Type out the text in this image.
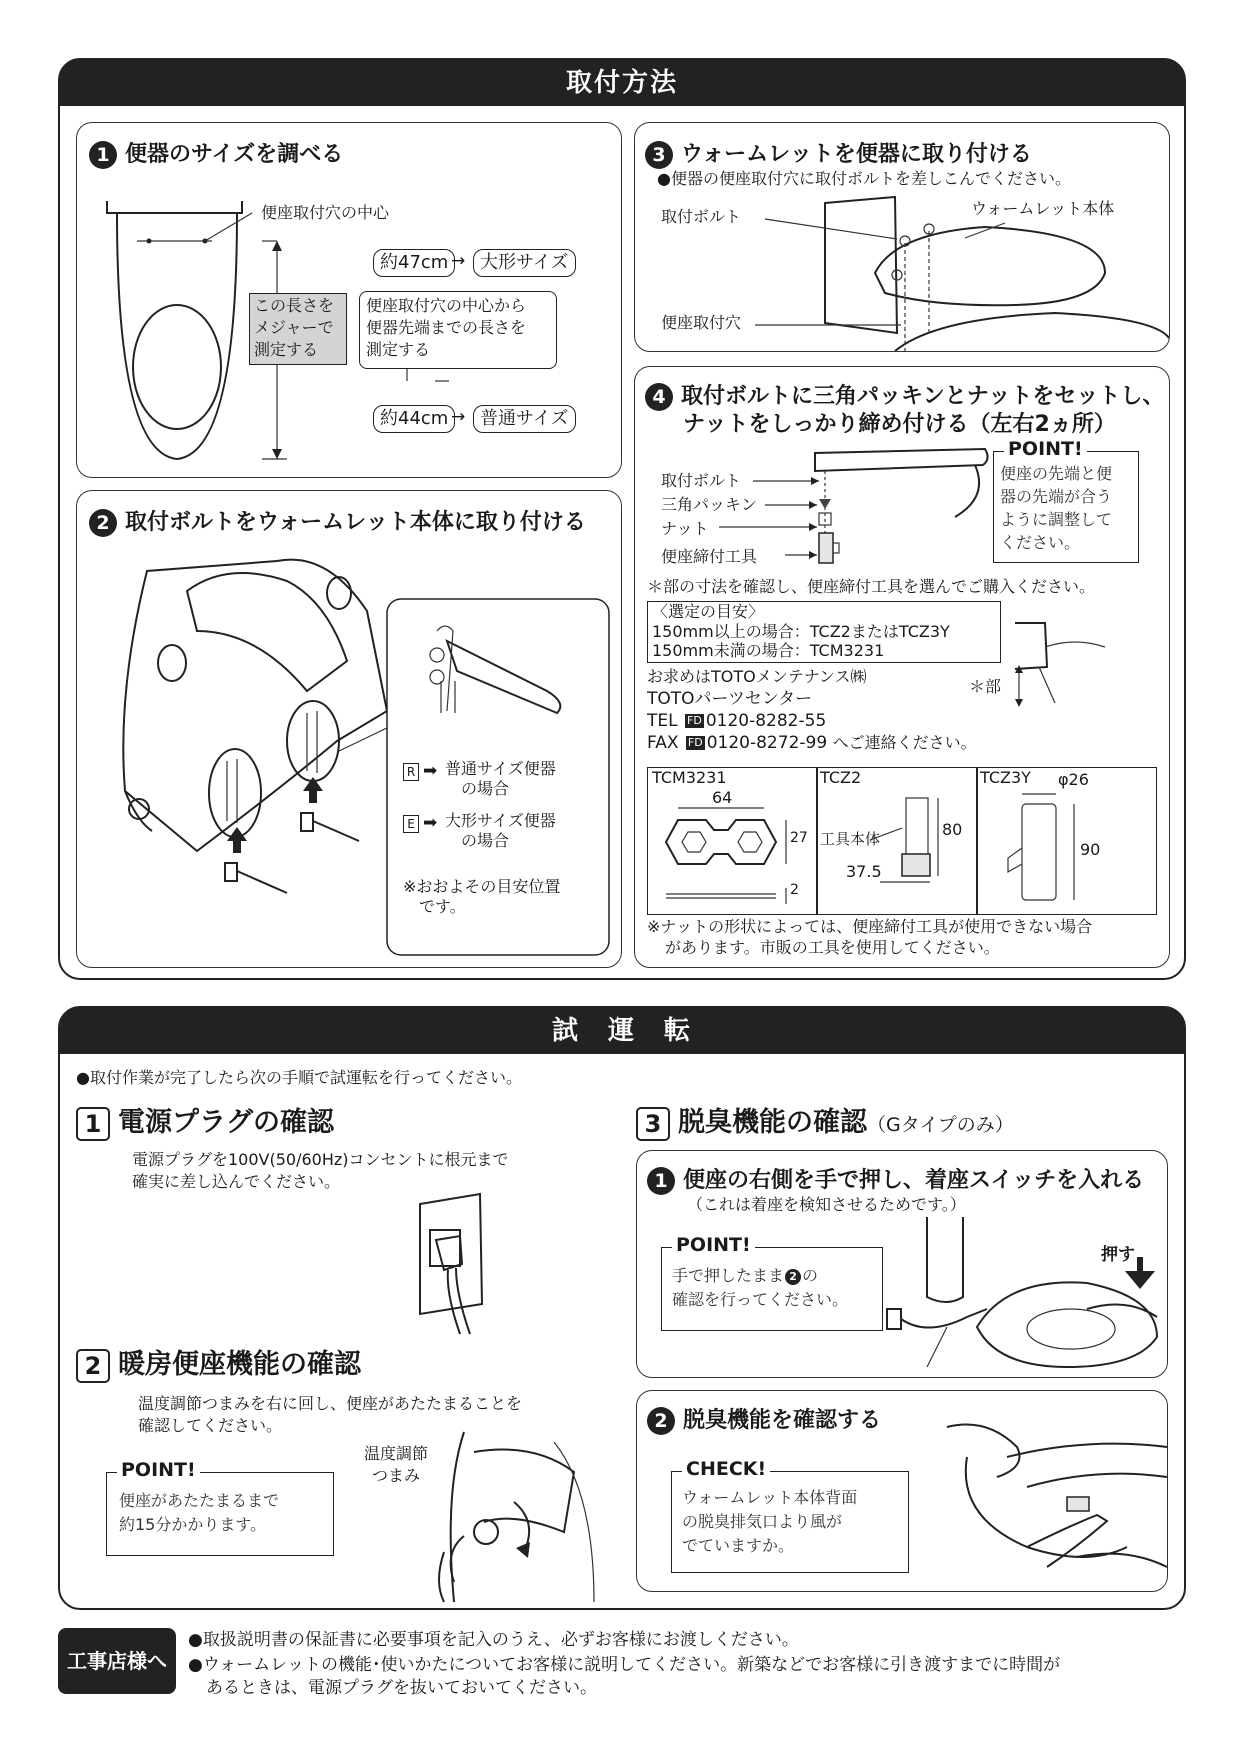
取付方法
1 便器のサイズを調べる
便座取付穴の中心
この長さを
メジャーで
測定する
便座取付穴の中心から
便器先端までの長さを
測定する
約47cm → 大形サイズ
約44cm → 普通サイズ
2 取付ボルトをウォームレット本体に取り付ける
R ➡ 普通サイズ便器
の場合
E ➡ 大形サイズ便器
の場合
※おおよその目安位置
です。
3 ウォームレットを便器に取り付ける
●便器の便座取付穴に取付ボルトを差しこんでください。
取付ボルト	ウォームレット本体
便座取付穴
4 取付ボルトに三角パッキンとナットをセットし、
ナットをしっかり締め付ける（左右2ヵ所）
取付ボルト
三角パッキン
ナット
便座締付工具
POINT!
便座の先端と便
器の先端が合う
ように調整して
ください。
＊部の寸法を確認し、便座締付工具を選んでご購入ください。
〈選定の目安〉
150mm以上の場合：TCZ2またはTCZ3Y
150mm未満の場合：TCM3231
お求めはTOTOメンテナンス㈱
TOTOパーツセンター
TEL FD 0120-8282-55
FAX FD 0120-8272-99 へご連絡ください。
＊部
TCM3231	TCZ2	TCZ3Y
64
27
2
工具本体	80
37.5
φ26
90
※ナットの形状によっては、便座締付工具が使用できない場合
があります。市販の工具を使用してください。
試　運　転
●取付作業が完了したら次の手順で試運転を行ってください。
1 電源プラグの確認
電源プラグを100V(50/60Hz)コンセントに根元まで
確実に差し込んでください。
2 暖房便座機能の確認
温度調節つまみを右に回し、便座があたたまることを
確認してください。
POINT!
便座があたたまるまで
約15分かかります。
温度調節
つまみ
3 脱臭機能の確認（Gタイプのみ）
1 便座の右側を手で押し、着座スイッチを入れる
（これは着座を検知させるためです。）
POINT!
手で押したまま 2 の
確認を行ってください。
押す
2 脱臭機能を確認する
CHECK!
ウォームレット本体背面
の脱臭排気口より風が
でていますか。
工事店様へ
●取扱説明書の保証書に必要事項を記入のうえ、必ずお客様にお渡しください。
●ウォームレットの機能･使いかたについてお客様に説明してください。新築などでお客様に引き渡すまでに時間が
あるときは、電源プラグを抜いておいてください。
